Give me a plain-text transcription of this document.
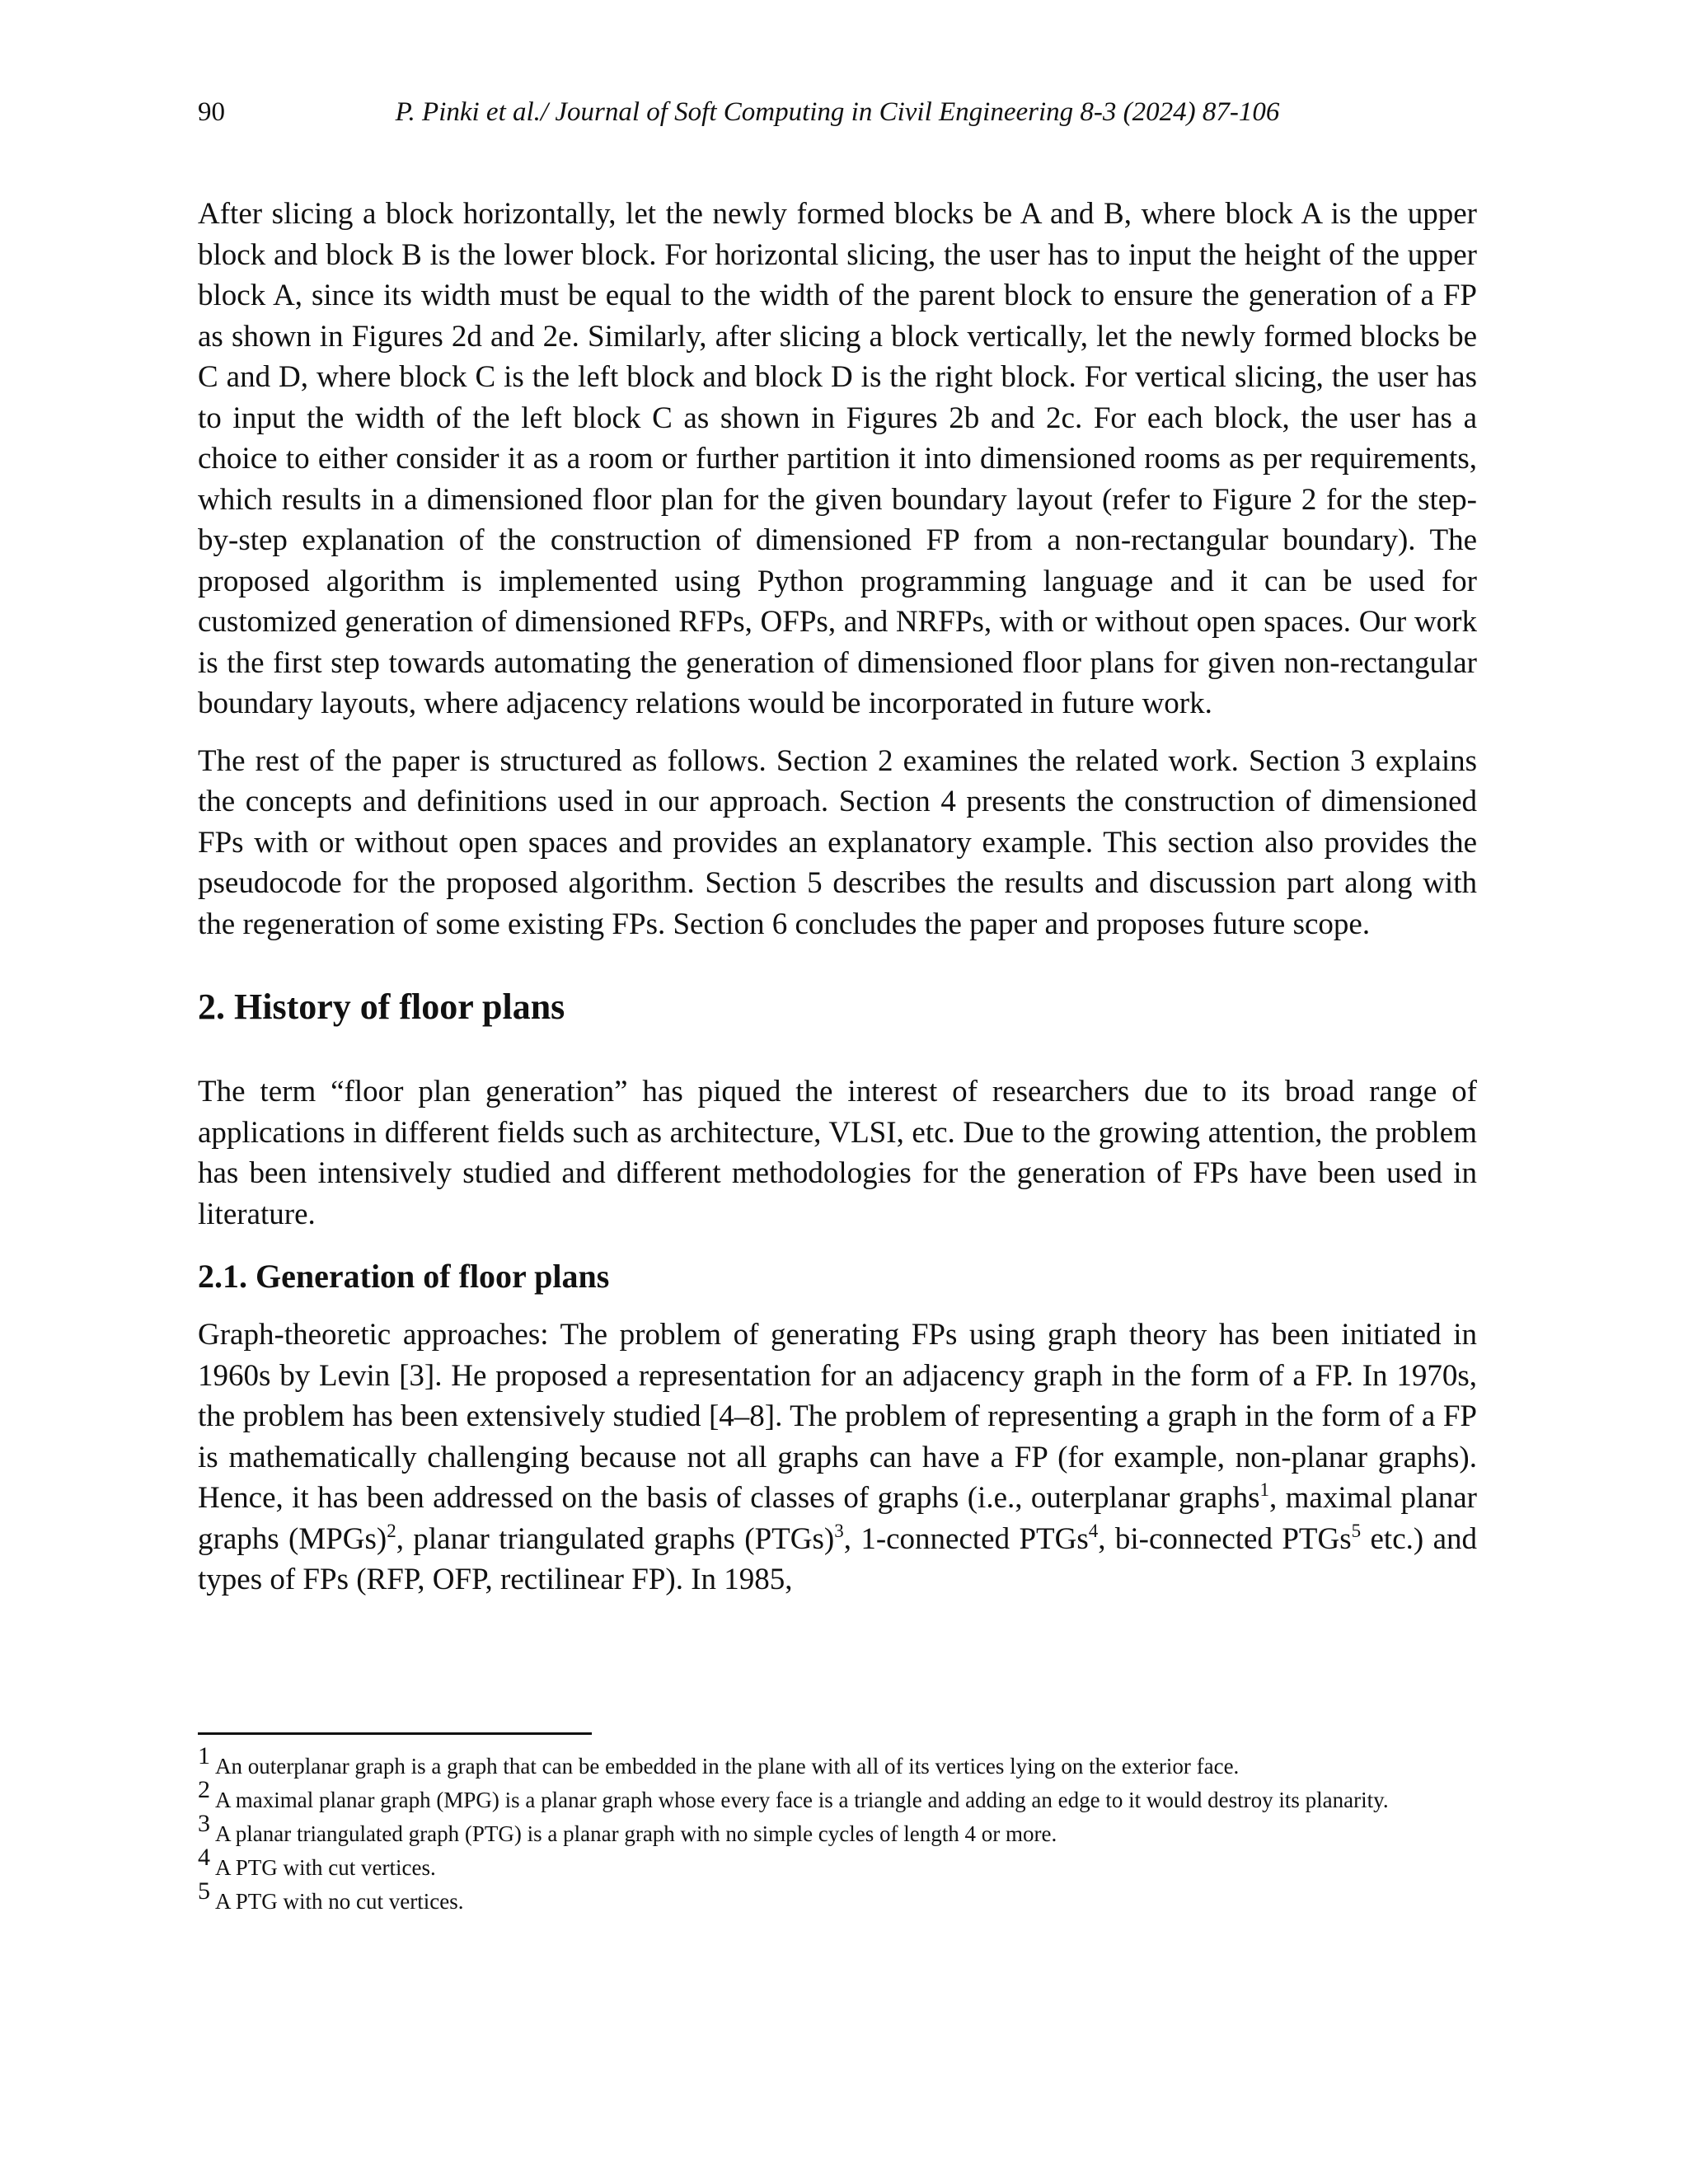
90	P. Pinki et al./ Journal of Soft Computing in Civil Engineering 8-3 (2024) 87-106

After slicing a block horizontally, let the newly formed blocks be A and B, where block A is the upper block and block B is the lower block. For horizontal slicing, the user has to input the height of the upper block A, since its width must be equal to the width of the parent block to ensure the generation of a FP as shown in Figures 2d and 2e. Similarly, after slicing a block vertically, let the newly formed blocks be C and D, where block C is the left block and block D is the right block. For vertical slicing, the user has to input the width of the left block C as shown in Figures 2b and 2c. For each block, the user has a choice to either consider it as a room or further partition it into dimensioned rooms as per requirements, which results in a dimensioned floor plan for the given boundary layout (refer to Figure 2 for the step-by-step explanation of the construction of dimensioned FP from a non-rectangular boundary). The proposed algorithm is implemented using Python programming language and it can be used for customized generation of dimensioned RFPs, OFPs, and NRFPs, with or without open spaces. Our work is the first step towards automating the generation of dimensioned floor plans for given non-rectangular boundary layouts, where adjacency relations would be incorporated in future work.

The rest of the paper is structured as follows. Section 2 examines the related work. Section 3 explains the concepts and definitions used in our approach. Section 4 presents the construction of dimensioned FPs with or without open spaces and provides an explanatory example. This section also provides the pseudocode for the proposed algorithm. Section 5 describes the results and discussion part along with the regeneration of some existing FPs. Section 6 concludes the paper and proposes future scope.

2. History of floor plans

The term “floor plan generation” has piqued the interest of researchers due to its broad range of applications in different fields such as architecture, VLSI, etc. Due to the growing attention, the problem has been intensively studied and different methodologies for the generation of FPs have been used in literature.

2.1. Generation of floor plans

Graph-theoretic approaches: The problem of generating FPs using graph theory has been initiated in 1960s by Levin [3]. He proposed a representation for an adjacency graph in the form of a FP. In 1970s, the problem has been extensively studied [4–8]. The problem of representing a graph in the form of a FP is mathematically challenging because not all graphs can have a FP (for example, non-planar graphs). Hence, it has been addressed on the basis of classes of graphs (i.e., outerplanar graphs$^1$, maximal planar graphs (MPGs)$^2$, planar triangulated graphs (PTGs)$^3$, 1-connected PTGs$^4$, bi-connected PTGs$^5$ etc.) and types of FPs (RFP, OFP, rectilinear FP). In 1985,

1 An outerplanar graph is a graph that can be embedded in the plane with all of its vertices lying on the exterior face.

2 A maximal planar graph (MPG) is a planar graph whose every face is a triangle and adding an edge to it would destroy its planarity.

3 A planar triangulated graph (PTG) is a planar graph with no simple cycles of length 4 or more.

4 A PTG with cut vertices.

5 A PTG with no cut vertices.
